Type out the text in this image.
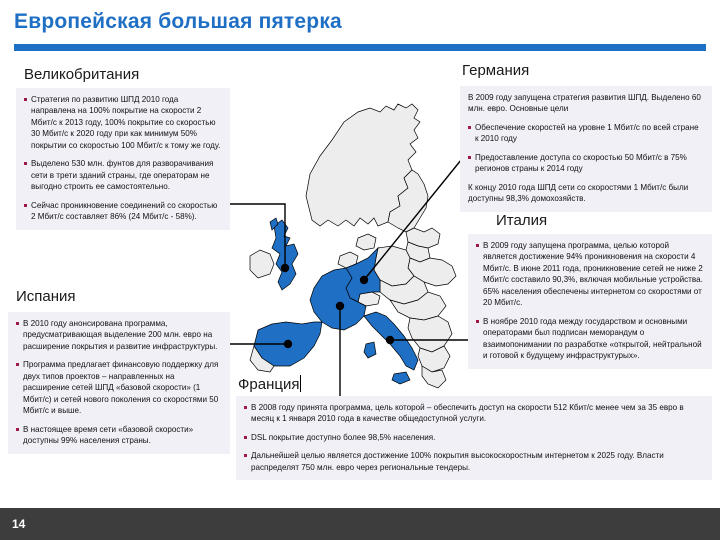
Европейская большая пятерка
Великобритания

Стратегия по развитию ШПД 2010 года направлена на 100% покрытие на скорости 2 Мбит/с к 2013 году, 100% покрытие со скоростью 30 Мбит/с к 2020 году при как минимум 50% покрытии со скоростью 100 Мбит/с к тому же году.

Выделено 530 млн. фунтов для разворачивания сети в трети зданий страны, где операторам не выгодно строить ее самостоятельно.

Сейчас проникновение соединений со скоростью 2 Мбит/с составляет 86% (24 Мбит/с - 58%).

Испания

В 2010 году анонсирована программа, предусматривающая выделение 200 млн. евро на расширение покрытия и развитие инфраструктуры.

Программа предлагает финансовую поддержку для двух типов проектов – направленных на расширение сетей ШПД «базовой скорости» (1 Мбит/с) и сетей нового поколения со скоростями 50 Мбит/с и выше.

В настоящее время сети «базовой скорости» доступны 99% населения страны.

Германия

В 2009 году запущена стратегия развития ШПД. Выделено 60 млн. евро. Основные цели

Обеспечение скоростей на уровне 1 Мбит/с по всей стране к 2010 году

Предоставление доступа со скоростью 50 Мбит/с в 75% регионов страны к 2014 году

К концу 2010 года ШПД сети со скоростями 1 Мбит/с были доступны 98,3% домохозяйств.

Италия

В 2009 году запущена программа, целью которой является достижение 94% проникновения на скорости 4 Мбит/с. В июне 2011 года, проникновение сетей не ниже 2 Мбит/с составило 90,3%, включая мобильные устройства. 65% населения обеспечены интернетом со скоростями от 20 Мбит/с.

В ноябре 2010 года между государством и основными операторами был подписан меморандум о взаимопонимании по разработке «открытой, нейтральной и готовой к будущему инфраструктурых».

Франция

В 2008 году принята программа, цель которой – обеспечить доступ на скорости 512 Кбит/с менее чем за 35 евро в месяц к 1 января 2010 года в качестве общедоступной услуги.

DSL покрытие доступно более 98,5% населения.

Дальнейшей целью является достижение 100% покрытия высокоскоростным интернетом к 2025 году. Власти распределят 750 млн. евро через региональные тендеры.

14
